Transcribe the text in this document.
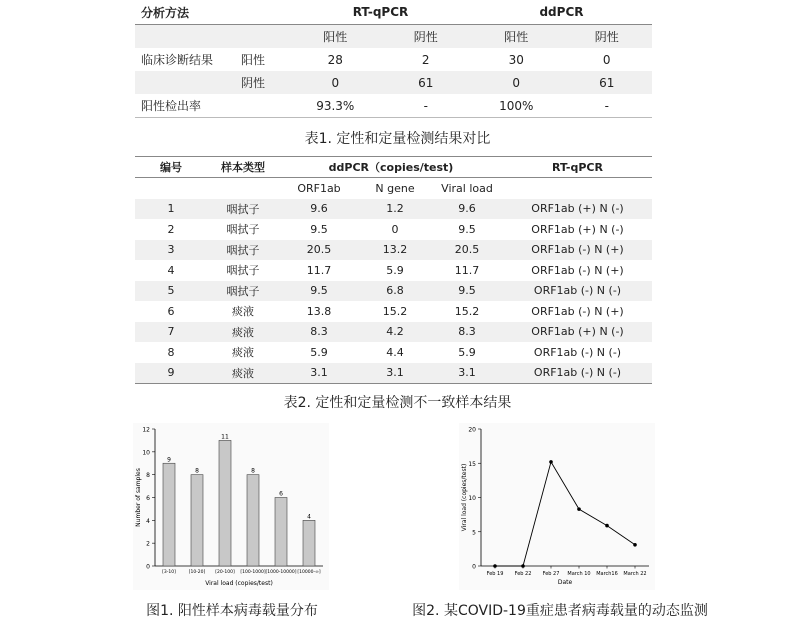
分析方法		RT-qPCR		ddPCR	
		阳性	阴性	阳性	阴性
临床诊断结果	阳性	28	2	30	0
	阴性	0	61	0	61
阳性检出率		93.3%	-	100%	-
表1. 定性和定量检测结果对比
编号	样本类型	ddPCR（copies/test)			RT-qPCR
		ORF1ab	N gene	Viral load	
1	咽拭子	9.6	1.2	9.6	ORF1ab (+) N (-)
2	咽拭子	9.5	0	9.5	ORF1ab (+) N (-)
3	咽拭子	20.5	13.2	20.5	ORF1ab (-) N (+)
4	咽拭子	11.7	5.9	11.7	ORF1ab (-) N (+)
5	咽拭子	9.5	6.8	9.5	ORF1ab (-) N (-)
6	痰液	13.8	15.2	15.2	ORF1ab (-) N (+)
7	痰液	8.3	4.2	8.3	ORF1ab (+) N (-)
8	痰液	5.9	4.4	5.9	ORF1ab (-) N (-)
9	痰液	3.1	3.1	3.1	ORF1ab (-) N (-)
表2. 定性和定量检测不一致样本结果
0
2
4
6
8
10
12
9
[3-10]
8
[10-20]
11
[20-100]
8
[100-1000]
6
[1000-10000]
4
[10000-∞]
Viral load (copies/test)
Number of samples
图1. 阳性样本病毒载量分布
0
5
10
15
20
Feb 19 Feb 22 Feb 27 March 10 March16 March 22
Date
Viral load (copies/test)
图2. 某COVID-19重症患者病毒载量的动态监测
